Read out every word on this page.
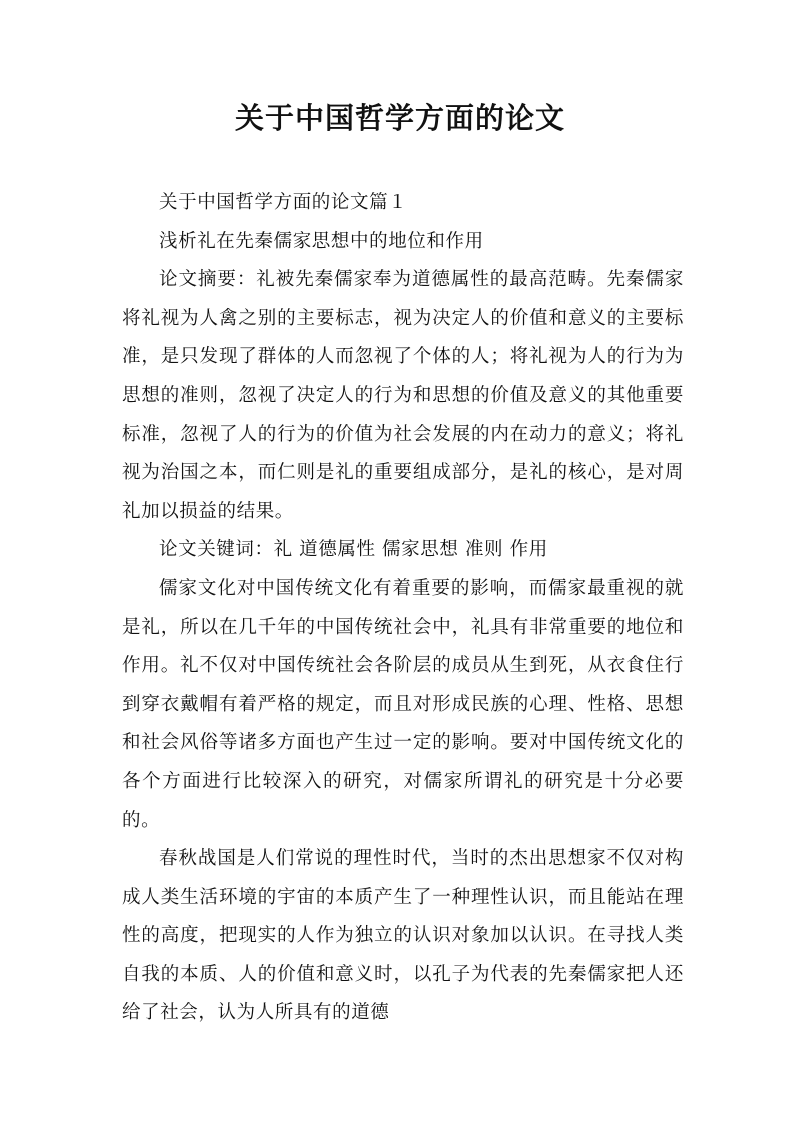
关于中国哲学方面的论文

关于中国哲学方面的论文篇１

浅析礼在先秦儒家思想中的地位和作用

论文摘要：礼被先秦儒家奉为道德属性的最高范畴。先秦儒家将礼视为人禽之别的主要标志，视为决定人的价值和意义的主要标准，是只发现了群体的人而忽视了个体的人；将礼视为人的行为为思想的准则，忽视了决定人的行为和思想的价值及意义的其他重要标准，忽视了人的行为的价值为社会发展的内在动力的意义；将礼视为治国之本，而仁则是礼的重要组成部分，是礼的核心，是对周礼加以损益的结果。

论文关键词：礼 道德属性 儒家思想 准则 作用

儒家文化对中国传统文化有着重要的影响，而儒家最重视的就是礼，所以在几千年的中国传统社会中，礼具有非常重要的地位和作用。礼不仅对中国传统社会各阶层的成员从生到死，从衣食住行到穿衣戴帽有着严格的规定，而且对形成民族的心理、性格、思想和社会风俗等诸多方面也产生过一定的影响。要对中国传统文化的各个方面进行比较深入的研究，对儒家所谓礼的研究是十分必要的。

春秋战国是人们常说的理性时代，当时的杰出思想家不仅对构成人类生活环境的宇宙的本质产生了一种理性认识，而且能站在理性的高度，把现实的人作为独立的认识对象加以认识。在寻找人类自我的本质、人的价值和意义时，以孔子为代表的先秦儒家把人还给了社会，认为人所具有的道德
